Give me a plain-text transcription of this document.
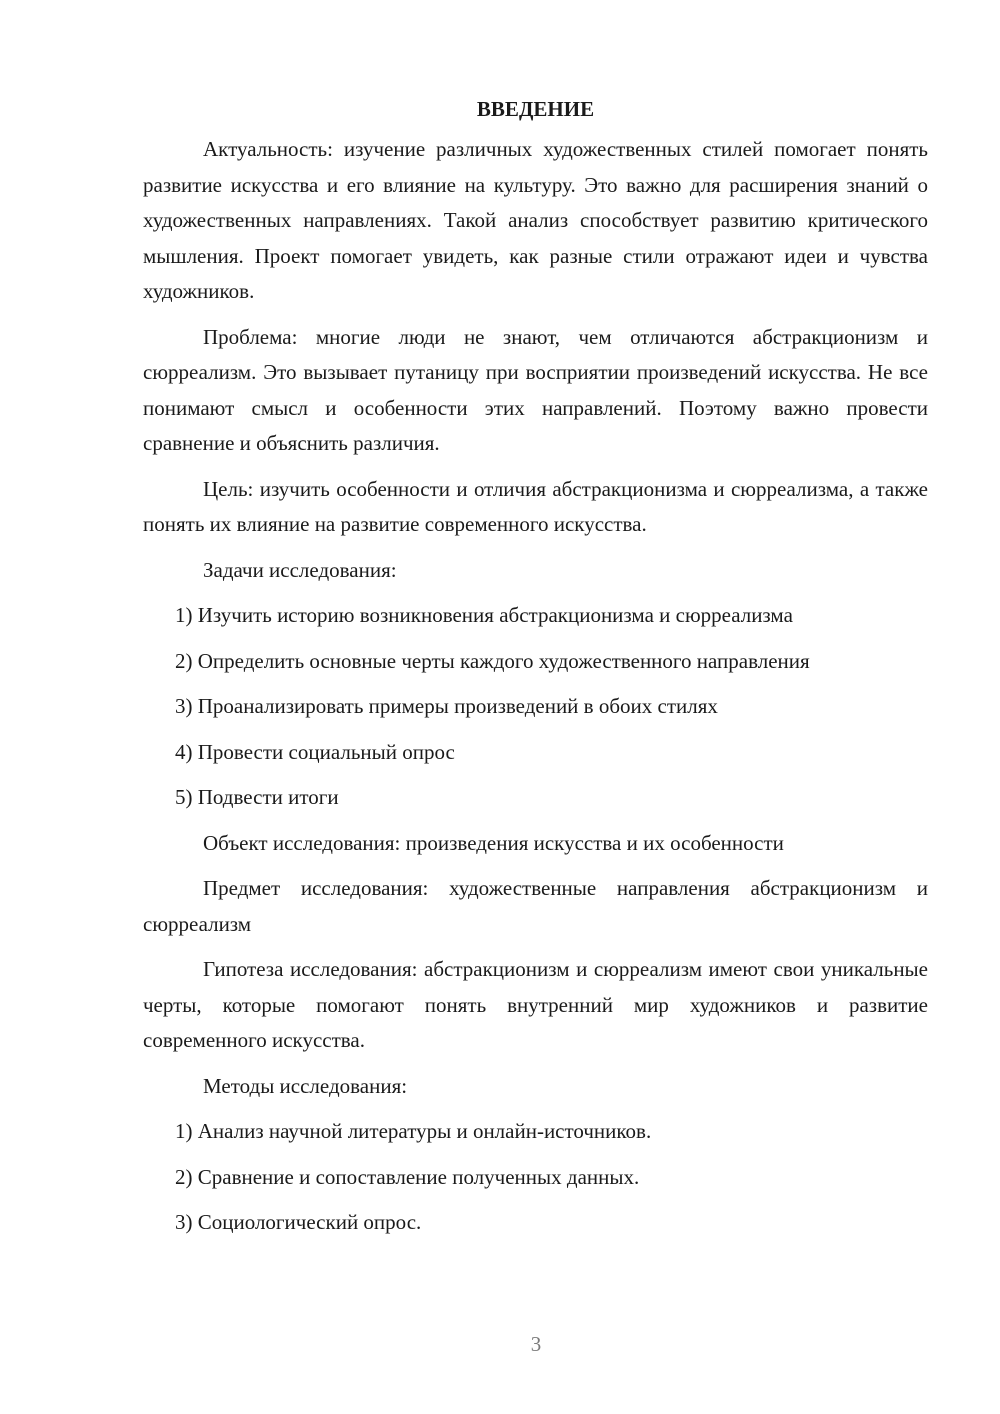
ВВЕДЕНИЕ

Актуальность: изучение различных художественных стилей помогает понять развитие искусства и его влияние на культуру. Это важно для расширения знаний о художественных направлениях. Такой анализ способствует развитию критического мышления. Проект помогает увидеть, как разные стили отражают идеи и чувства художников.

Проблема: многие люди не знают, чем отличаются абстракционизм и сюрреализм. Это вызывает путаницу при восприятии произведений искусства. Не все понимают смысл и особенности этих направлений. Поэтому важно провести сравнение и объяснить различия.

Цель: изучить особенности и отличия абстракционизма и сюрреализма, а также понять их влияние на развитие современного искусства.

Задачи исследования:
1) Изучить историю возникновения абстракционизма и сюрреализма
2) Определить основные черты каждого художественного направления
3) Проанализировать примеры произведений в обоих стилях
4) Провести социальный опрос
5) Подвести итоги
Объект исследования: произведения искусства и их особенности

Предмет исследования: художественные направления абстракционизм и сюрреализм

Гипотеза исследования: абстракционизм и сюрреализм имеют свои уникальные черты, которые помогают понять внутренний мир художников и развитие современного искусства.

Методы исследования:
1) Анализ научной литературы и онлайн-источников.
2) Сравнение и сопоставление полученных данных.
3) Социологический опрос.
3
